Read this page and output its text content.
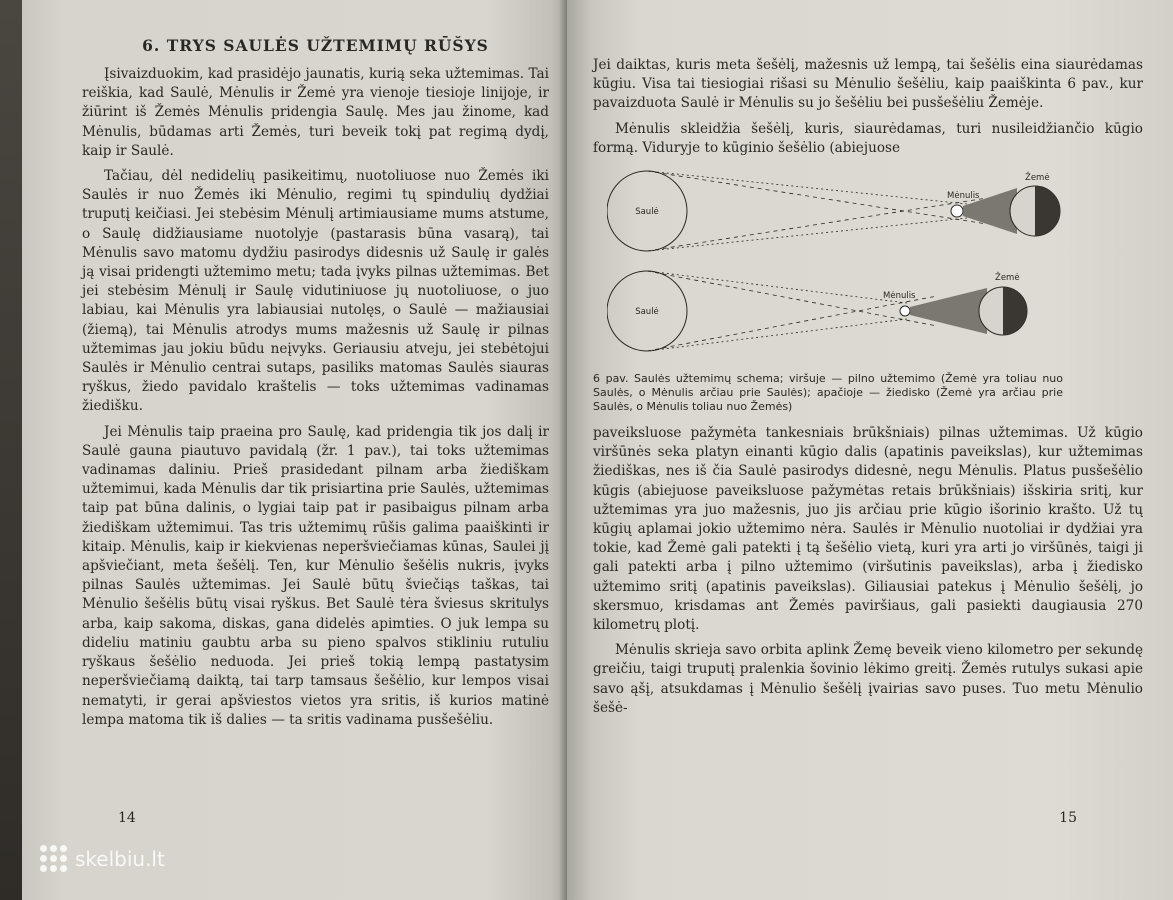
6. TRYS SAULĖS UŽTEMIMŲ RŪŠYS

Įsivaizduokim, kad prasidėjo jaunatis, kurią seka užtemimas. Tai reiškia, kad Saulė, Mėnulis ir Žemė yra vienoje tiesioje linijoje, ir žiūrint iš Žemės Mėnulis pridengia Saulę. Mes jau žinome, kad Mėnulis, būdamas arti Žemės, turi beveik tokį pat regimą dydį, kaip ir Saulė.

Tačiau, dėl nedidelių pasikeitimų, nuotoliuose nuo Žemės iki Saulės ir nuo Žemės iki Mėnulio, regimi tų spindulių dydžiai truputį keičiasi. Jei stebėsim Mėnulį artimiausiame mums atstume, o Saulę didžiausiame nuotolyje (pastarasis būna vasarą), tai Mėnulis savo matomu dydžiu pasirodys didesnis už Saulę ir galės ją visai pridengti užtemimo metu; tada įvyks pilnas užtemimas. Bet jei stebėsim Mėnulį ir Saulę vidutiniuose jų nuotoliuose, o juo labiau, kai Mėnulis yra labiausiai nutolęs, o Saulė — mažiausiai (žiemą), tai Mėnulis atrodys mums mažesnis už Saulę ir pilnas užtemimas jau jokiu būdu neįvyks. Geriausiu atveju, jei stebėtojui Saulės ir Mėnulio centrai sutaps, pasiliks matomas Saulės siauras ryškus, žiedo pavidalo kraštelis — toks užtemimas vadinamas žiedišku.

Jei Mėnulis taip praeina pro Saulę, kad pridengia tik jos dalį ir Saulė gauna piautuvo pavidalą (žr. 1 pav.), tai toks užtemimas vadinamas daliniu. Prieš prasidedant pilnam arba žiediškam užtemimui, kada Mėnulis dar tik prisiartina prie Saulės, užtemimas taip pat būna dalinis, o lygiai taip pat ir pasibaigus pilnam arba žiediškam užtemimui. Tas tris užtemimų rūšis galima paaiškinti ir kitaip. Mėnulis, kaip ir kiekvienas neperšviečiamas kūnas, Saulei jį apšviečiant, meta šešėlį. Ten, kur Mėnulio šešėlis nukris, įvyks pilnas Saulės užtemimas. Jei Saulė būtų šviečiąs taškas, tai Mėnulio šešėlis būtų visai ryškus. Bet Saulė tėra šviesus skritulys arba, kaip sakoma, diskas, gana didelės apimties. O juk lempa su dideliu matiniu gaubtu arba su pieno spalvos stikliniu rutuliu ryškaus šešėlio neduoda. Jei prieš tokią lempą pastatysim neperšviečiamą daiktą, tai tarp tamsaus šešėlio, kur lempos visai nematyti, ir gerai apšviestos vietos yra sritis, iš kurios matinė lempa matoma tik iš dalies — ta sritis vadinama pusšešėliu.

14

Jei daiktas, kuris meta šešėlį, mažesnis už lempą, tai šešėlis eina siaurėdamas kūgiu. Visa tai tiesiogiai rišasi su Mėnulio šešėliu, kaip paaiškinta 6 pav., kur pavaizduota Saulė ir Mėnulis su jo šešėliu bei pusšešėliu Žemėje.

Mėnulis skleidžia šešėlį, kuris, siaurėdamas, turi nusileidžiančio kūgio formą. Viduryje to kūginio šešėlio (abiejuose

Saulė
Mėnulis
Žemė
Saulė
Mėnulis
Žemė
6 pav. Saulės užtemimų schema; viršuje — pilno užtemimo (Žemė yra toliau nuo Saulės, o Mėnulis arčiau prie Saulės); apačioje — žiedisko (Žemė yra arčiau prie Saulės, o Mėnulis toliau nuo Žemės)

paveiksluose pažymėta tankesniais brūkšniais) pilnas užtemimas. Už kūgio viršūnės seka platyn einanti kūgio dalis (apatinis paveikslas), kur užtemimas žiediškas, nes iš čia Saulė pasirodys didesnė, negu Mėnulis. Platus pusšešėlio kūgis (abiejuose paveiksluose pažymėtas retais brūkšniais) išskiria sritį, kur užtemimas yra juo mažesnis, juo jis arčiau prie kūgio išorinio krašto. Už tų kūgių aplamai jokio užtemimo nėra. Saulės ir Mėnulio nuotoliai ir dydžiai yra tokie, kad Žemė gali patekti į tą šešėlio vietą, kuri yra arti jo viršūnės, taigi ji gali patekti arba į pilno užtemimo (viršutinis paveikslas), arba į žiedisko užtemimo sritį (apatinis paveikslas). Giliausiai patekus į Mėnulio šešėlį, jo skersmuo, krisdamas ant Žemės paviršiaus, gali pasiekti daugiausia 270 kilometrų plotį.

Mėnulis skrieja savo orbita aplink Žemę beveik vieno kilometro per sekundę greičiu, taigi truputį pralenkia šovinio lėkimo greitį. Žemės rutulys sukasi apie savo ąšį, atsukdamas į Mėnulio šešėlį įvairias savo puses. Tuo metu Mėnulio šešė-

15
skelbiu.lt
